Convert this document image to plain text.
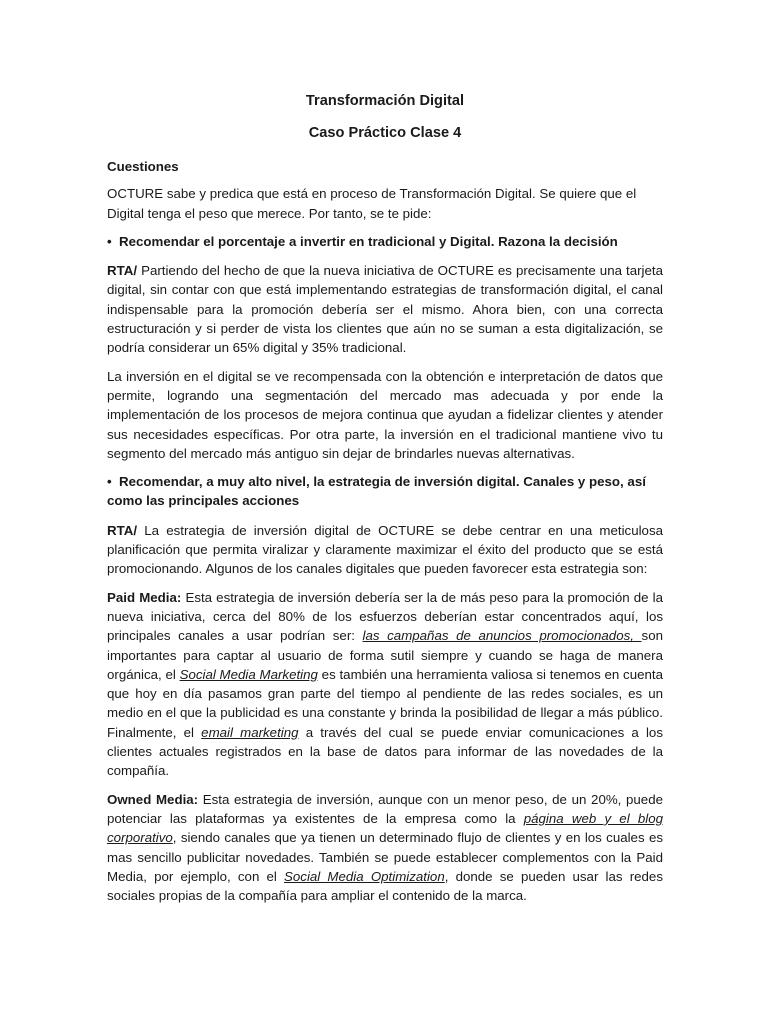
Transformación Digital
Caso Práctico Clase 4
Cuestiones

OCTURE sabe y predica que está en proceso de Transformación Digital. Se quiere que el Digital tenga el peso que merece. Por tanto, se te pide:

• Recomendar el porcentaje a invertir en tradicional y Digital. Razona la decisión

RTA/ Partiendo del hecho de que la nueva iniciativa de OCTURE es precisamente una tarjeta digital, sin contar con que está implementando estrategias de transformación digital, el canal indispensable para la promoción debería ser el mismo. Ahora bien, con una correcta estructuración y si perder de vista los clientes que aún no se suman a esta digitalización, se podría considerar un 65% digital y 35% tradicional.

La inversión en el digital se ve recompensada con la obtención e interpretación de datos que permite, logrando una segmentación del mercado mas adecuada y por ende la implementación de los procesos de mejora continua que ayudan a fidelizar clientes y atender sus necesidades específicas. Por otra parte, la inversión en el tradicional mantiene vivo tu segmento del mercado más antiguo sin dejar de brindarles nuevas alternativas.

• Recomendar, a muy alto nivel, la estrategia de inversión digital. Canales y peso, así como las principales acciones

RTA/ La estrategia de inversión digital de OCTURE se debe centrar en una meticulosa planificación que permita viralizar y claramente maximizar el éxito del producto que se está promocionando. Algunos de los canales digitales que pueden favorecer esta estrategia son:

Paid Media: Esta estrategia de inversión debería ser la de más peso para la promoción de la nueva iniciativa, cerca del 80% de los esfuerzos deberían estar concentrados aquí, los principales canales a usar podrían ser: las campañas de anuncios promocionados, son importantes para captar al usuario de forma sutil siempre y cuando se haga de manera orgánica, el Social Media Marketing es también una herramienta valiosa si tenemos en cuenta que hoy en día pasamos gran parte del tiempo al pendiente de las redes sociales, es un medio en el que la publicidad es una constante y brinda la posibilidad de llegar a más público. Finalmente, el email marketing a través del cual se puede enviar comunicaciones a los clientes actuales registrados en la base de datos para informar de las novedades de la compañía.

Owned Media: Esta estrategia de inversión, aunque con un menor peso, de un 20%, puede potenciar las plataformas ya existentes de la empresa como la página web y el blog corporativo, siendo canales que ya tienen un determinado flujo de clientes y en los cuales es mas sencillo publicitar novedades. También se puede establecer complementos con la Paid Media, por ejemplo, con el Social Media Optimization, donde se pueden usar las redes sociales propias de la compañía para ampliar el contenido de la marca.
